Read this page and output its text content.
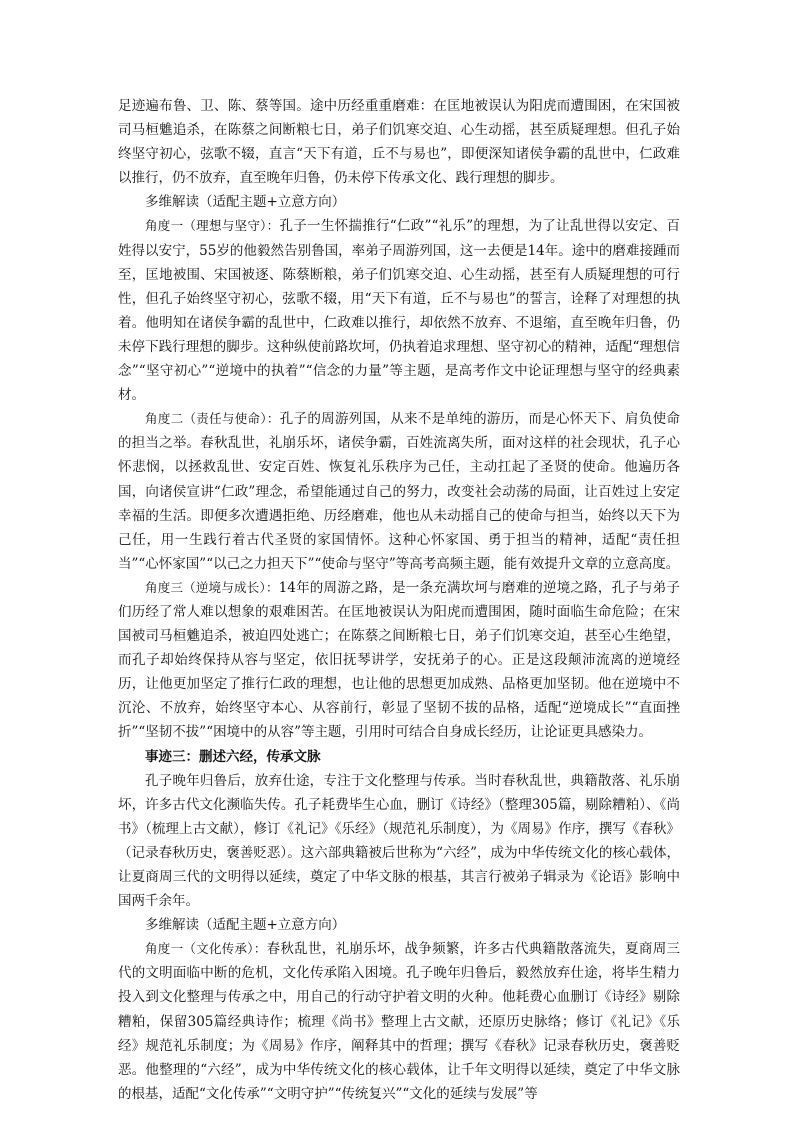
足迹遍布鲁、卫、陈、蔡等国。途中历经重重磨难：在匡地被误认为阳虎而遭围困，在宋国被司马桓魋追杀，在陈蔡之间断粮七日，弟子们饥寒交迫、心生动摇，甚至质疑理想。但孔子始终坚守初心，弦歌不辍，直言“天下有道，丘不与易也”，即便深知诸侯争霸的乱世中，仁政难以推行，仍不放弃，直至晚年归鲁，仍未停下传承文化、践行理想的脚步。

多维解读（适配主题+立意方向）

角度一（理想与坚守）：孔子一生怀揣推行“仁政”“礼乐”的理想，为了让乱世得以安定、百姓得以安宁，55岁的他毅然告别鲁国，率弟子周游列国，这一去便是14年。途中的磨难接踵而至，匡地被围、宋国被逐、陈蔡断粮，弟子们饥寒交迫、心生动摇，甚至有人质疑理想的可行性，但孔子始终坚守初心，弦歌不辍，用“天下有道，丘不与易也”的誓言，诠释了对理想的执着。他明知在诸侯争霸的乱世中，仁政难以推行，却依然不放弃、不退缩，直至晚年归鲁，仍未停下践行理想的脚步。这种纵使前路坎坷，仍执着追求理想、坚守初心的精神，适配“理想信念”“坚守初心”“逆境中的执着”“信念的力量”等主题，是高考作文中论证理想与坚守的经典素材。

角度二（责任与使命）：孔子的周游列国，从来不是单纯的游历，而是心怀天下、肩负使命的担当之举。春秋乱世，礼崩乐坏，诸侯争霸，百姓流离失所，面对这样的社会现状，孔子心怀悲悯，以拯救乱世、安定百姓、恢复礼乐秩序为己任，主动扛起了圣贤的使命。他遍历各国，向诸侯宣讲“仁政”理念，希望能通过自己的努力，改变社会动荡的局面，让百姓过上安定幸福的生活。即便多次遭遇拒绝、历经磨难，他也从未动摇自己的使命与担当，始终以天下为己任，用一生践行着古代圣贤的家国情怀。这种心怀家国、勇于担当的精神，适配“责任担当”“心怀家国”“以己之力担天下”“使命与坚守”等高考高频主题，能有效提升文章的立意高度。

角度三（逆境与成长）：14年的周游之路，是一条充满坎坷与磨难的逆境之路，孔子与弟子们历经了常人难以想象的艰难困苦。在匡地被误认为阳虎而遭围困，随时面临生命危险；在宋国被司马桓魋追杀，被迫四处逃亡；在陈蔡之间断粮七日，弟子们饥寒交迫，甚至心生绝望，而孔子却始终保持从容与坚定，依旧抚琴讲学，安抚弟子的心。正是这段颠沛流离的逆境经历，让他更加坚定了推行仁政的理想，也让他的思想更加成熟、品格更加坚韧。他在逆境中不沉沦、不放弃，始终坚守本心、从容前行，彰显了坚韧不拔的品格，适配“逆境成长”“直面挫折”“坚韧不拔”“困境中的从容”等主题，引用时可结合自身成长经历，让论证更具感染力。

事迹三：删述六经，传承文脉

孔子晚年归鲁后，放弃仕途，专注于文化整理与传承。当时春秋乱世，典籍散落、礼乐崩坏，许多古代文化濒临失传。孔子耗费毕生心血，删订《诗经》（整理305篇，剔除糟粕）、《尚书》（梳理上古文献），修订《礼记》《乐经》（规范礼乐制度），为《周易》作序，撰写《春秋》（记录春秋历史，褒善贬恶）。这六部典籍被后世称为“六经”，成为中华传统文化的核心载体，让夏商周三代的文明得以延续，奠定了中华文脉的根基，其言行被弟子辑录为《论语》影响中国两千余年。

多维解读（适配主题+立意方向）

角度一（文化传承）：春秋乱世，礼崩乐坏，战争频繁，许多古代典籍散落流失，夏商周三代的文明面临中断的危机，文化传承陷入困境。孔子晚年归鲁后，毅然放弃仕途，将毕生精力投入到文化整理与传承之中，用自己的行动守护着文明的火种。他耗费心血删订《诗经》剔除糟粕，保留305篇经典诗作；梳理《尚书》整理上古文献，还原历史脉络；修订《礼记》《乐经》规范礼乐制度；为《周易》作序，阐释其中的哲理；撰写《春秋》记录春秋历史，褒善贬恶。他整理的“六经”，成为中华传统文化的核心载体，让千年文明得以延续，奠定了中华文脉的根基，适配“文化传承”“文明守护”“传统复兴”“文化的延续与发展”等
